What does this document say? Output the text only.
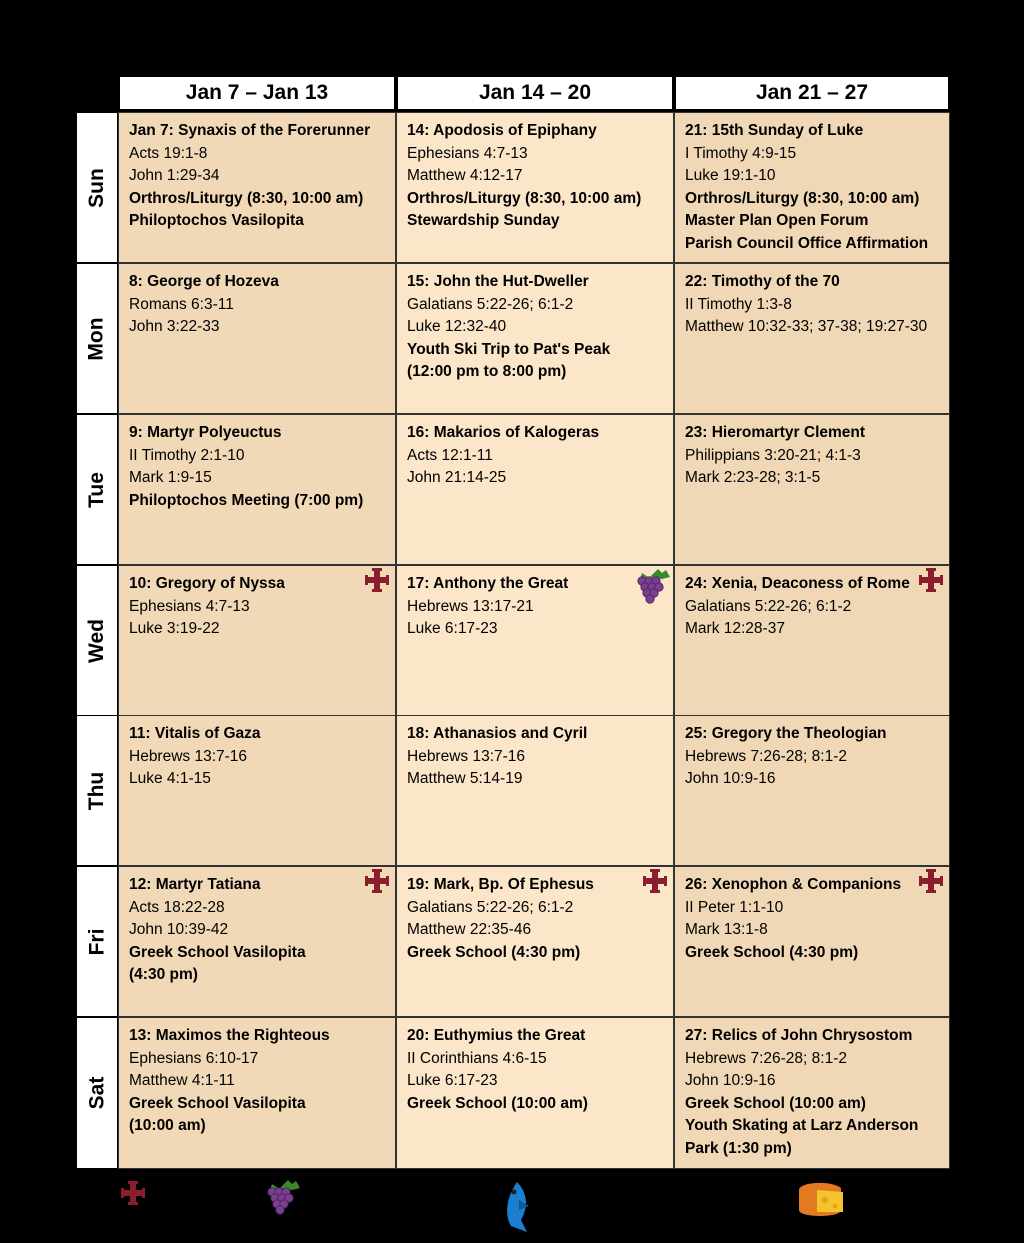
Jan 7 – Jan 13	Jan 14 – 20	Jan 21 – 27
Sun
Mon
Tue
Wed
Thu
Fri
Sat
Jan 7: Synaxis of the Forerunner
Acts 19:1-8
John 1:29-34
Orthros/Liturgy (8:30, 10:00 am)
Philoptochos Vasilopita
14: Apodosis of Epiphany
Ephesians 4:7-13
Matthew 4:12-17
Orthros/Liturgy (8:30, 10:00 am)
Stewardship Sunday
21: 15th Sunday of Luke
I Timothy 4:9-15
Luke 19:1-10
Orthros/Liturgy (8:30, 10:00 am)
Master Plan Open Forum
Parish Council Office Affirmation
8: George of Hozeva
Romans 6:3-11
John 3:22-33
15: John the Hut-Dweller
Galatians 5:22-26; 6:1-2
Luke 12:32-40
Youth Ski Trip to Pat's Peak
(12:00 pm to 8:00 pm)
22: Timothy of the 70
II Timothy 1:3-8
Matthew 10:32-33; 37-38; 19:27-30
9: Martyr Polyeuctus
II Timothy 2:1-10
Mark 1:9-15
Philoptochos Meeting (7:00 pm)
16: Makarios of Kalogeras
Acts 12:1-11
John 21:14-25
23: Hieromartyr Clement
Philippians 3:20-21; 4:1-3
Mark 2:23-28; 3:1-5
10: Gregory of Nyssa
Ephesians 4:7-13
Luke 3:19-22
17: Anthony the Great
Hebrews 13:17-21
Luke 6:17-23
24: Xenia, Deaconess of Rome
Galatians 5:22-26; 6:1-2
Mark 12:28-37
11: Vitalis of Gaza
Hebrews 13:7-16
Luke 4:1-15
18: Athanasios and Cyril
Hebrews 13:7-16
Matthew 5:14-19
25: Gregory the Theologian
Hebrews 7:26-28; 8:1-2
John 10:9-16
12: Martyr Tatiana
Acts 18:22-28
John 10:39-42
Greek School Vasilopita
(4:30 pm)
19: Mark, Bp. Of Ephesus
Galatians 5:22-26; 6:1-2
Matthew 22:35-46
Greek School (4:30 pm)
26: Xenophon & Companions
II Peter 1:1-10
Mark 13:1-8
Greek School (4:30 pm)
13: Maximos the Righteous
Ephesians 6:10-17
Matthew 4:1-11
Greek School Vasilopita
(10:00 am)
20: Euthymius the Great
II Corinthians 4:6-15
Luke 6:17-23
Greek School (10:00 am)
27: Relics of John Chrysostom
Hebrews 7:26-28; 8:1-2
John 10:9-16
Greek School (10:00 am)
Youth Skating at Larz Anderson
Park (1:30 pm)
